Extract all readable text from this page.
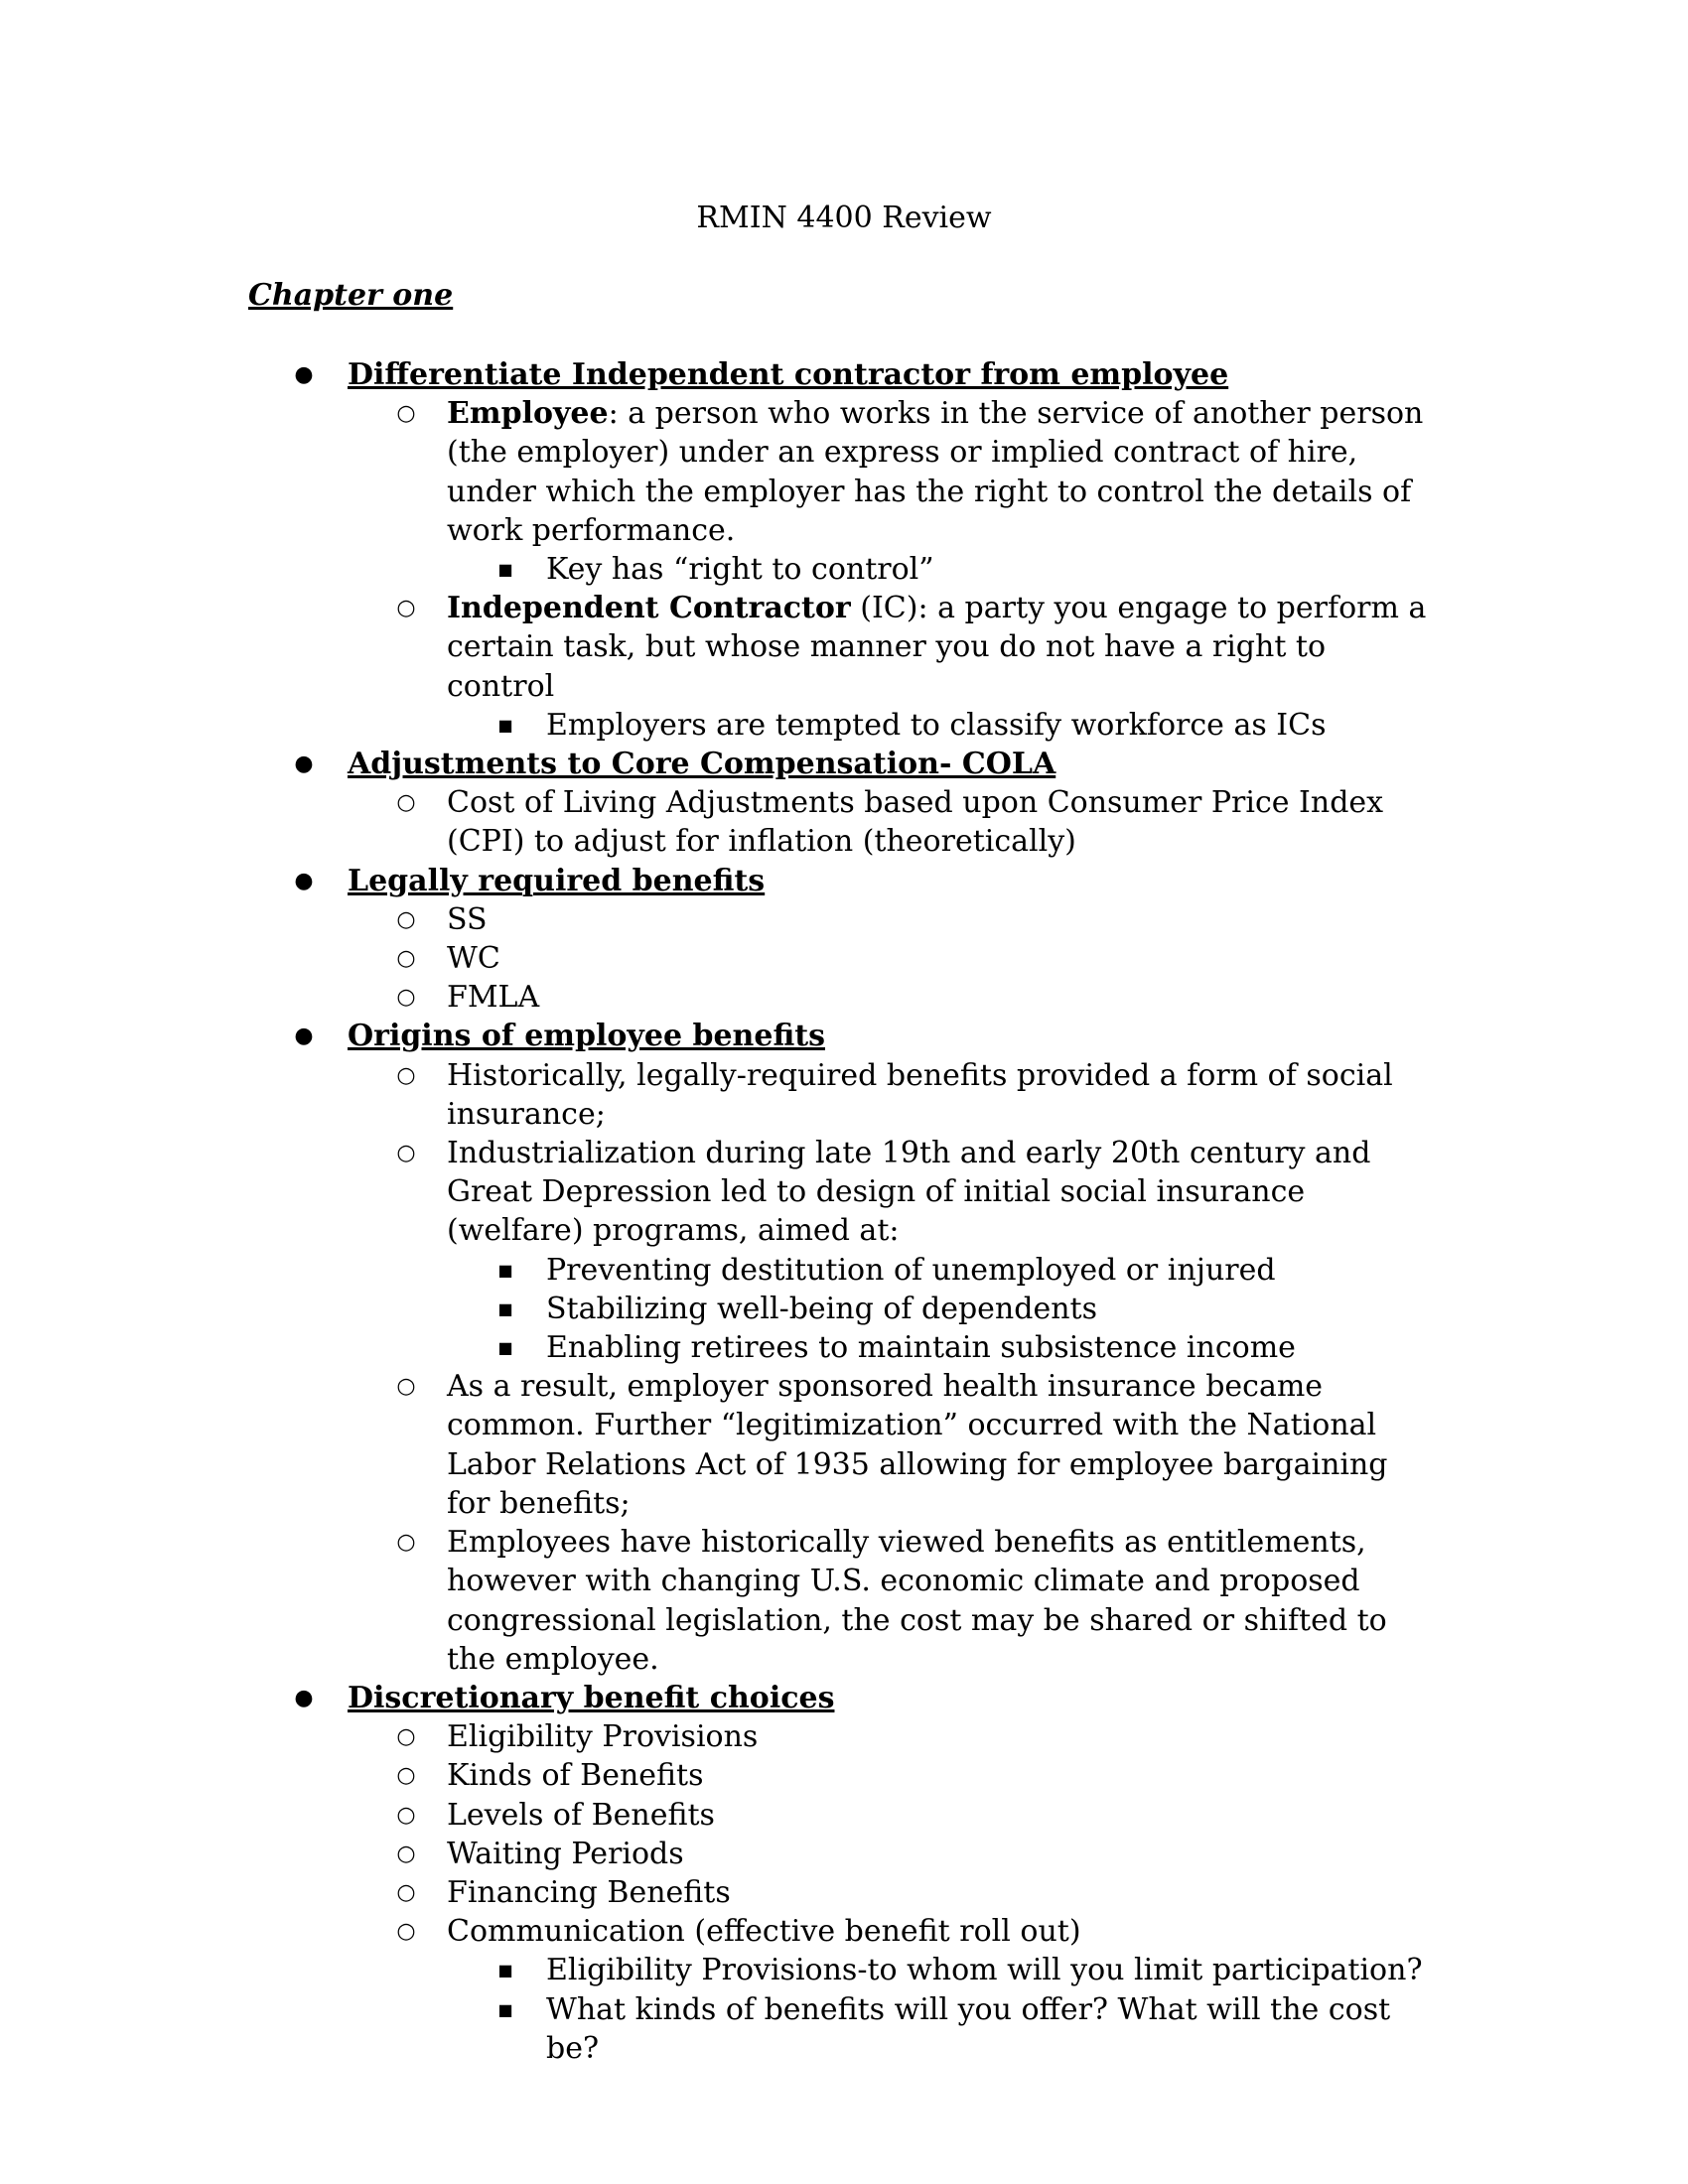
RMIN 4400 Review
Chapter one
● Differentiate Independent contractor from employee
○ Employee: a person who works in the service of another person (the employer) under an express or implied contract of hire, under which the employer has the right to control the details of work performance.
■ Key has “right to control”
○ Independent Contractor (IC): a party you engage to perform a certain task, but whose manner you do not have a right to control
■ Employers are tempted to classify workforce as ICs
● Adjustments to Core Compensation- COLA
○ Cost of Living Adjustments based upon Consumer Price Index (CPI) to adjust for inflation (theoretically)
● Legally required benefits
○ SS
○ WC
○ FMLA
● Origins of employee benefits
○ Historically, legally-required benefits provided a form of social insurance;
○ Industrialization during late 19th and early 20th century and Great Depression led to design of initial social insurance (welfare) programs, aimed at:
■ Preventing destitution of unemployed or injured
■ Stabilizing well-being of dependents
■ Enabling retirees to maintain subsistence income
○ As a result, employer sponsored health insurance became common. Further “legitimization” occurred with the National Labor Relations Act of 1935 allowing for employee bargaining for benefits;
○ Employees have historically viewed benefits as entitlements, however with changing U.S. economic climate and proposed congressional legislation, the cost may be shared or shifted to the employee.
● Discretionary benefit choices
○ Eligibility Provisions
○ Kinds of Benefits
○ Levels of Benefits
○ Waiting Periods
○ Financing Benefits
○ Communication (effective benefit roll out)
■ Eligibility Provisions-to whom will you limit participation?
■ What kinds of benefits will you offer? What will the cost be?
